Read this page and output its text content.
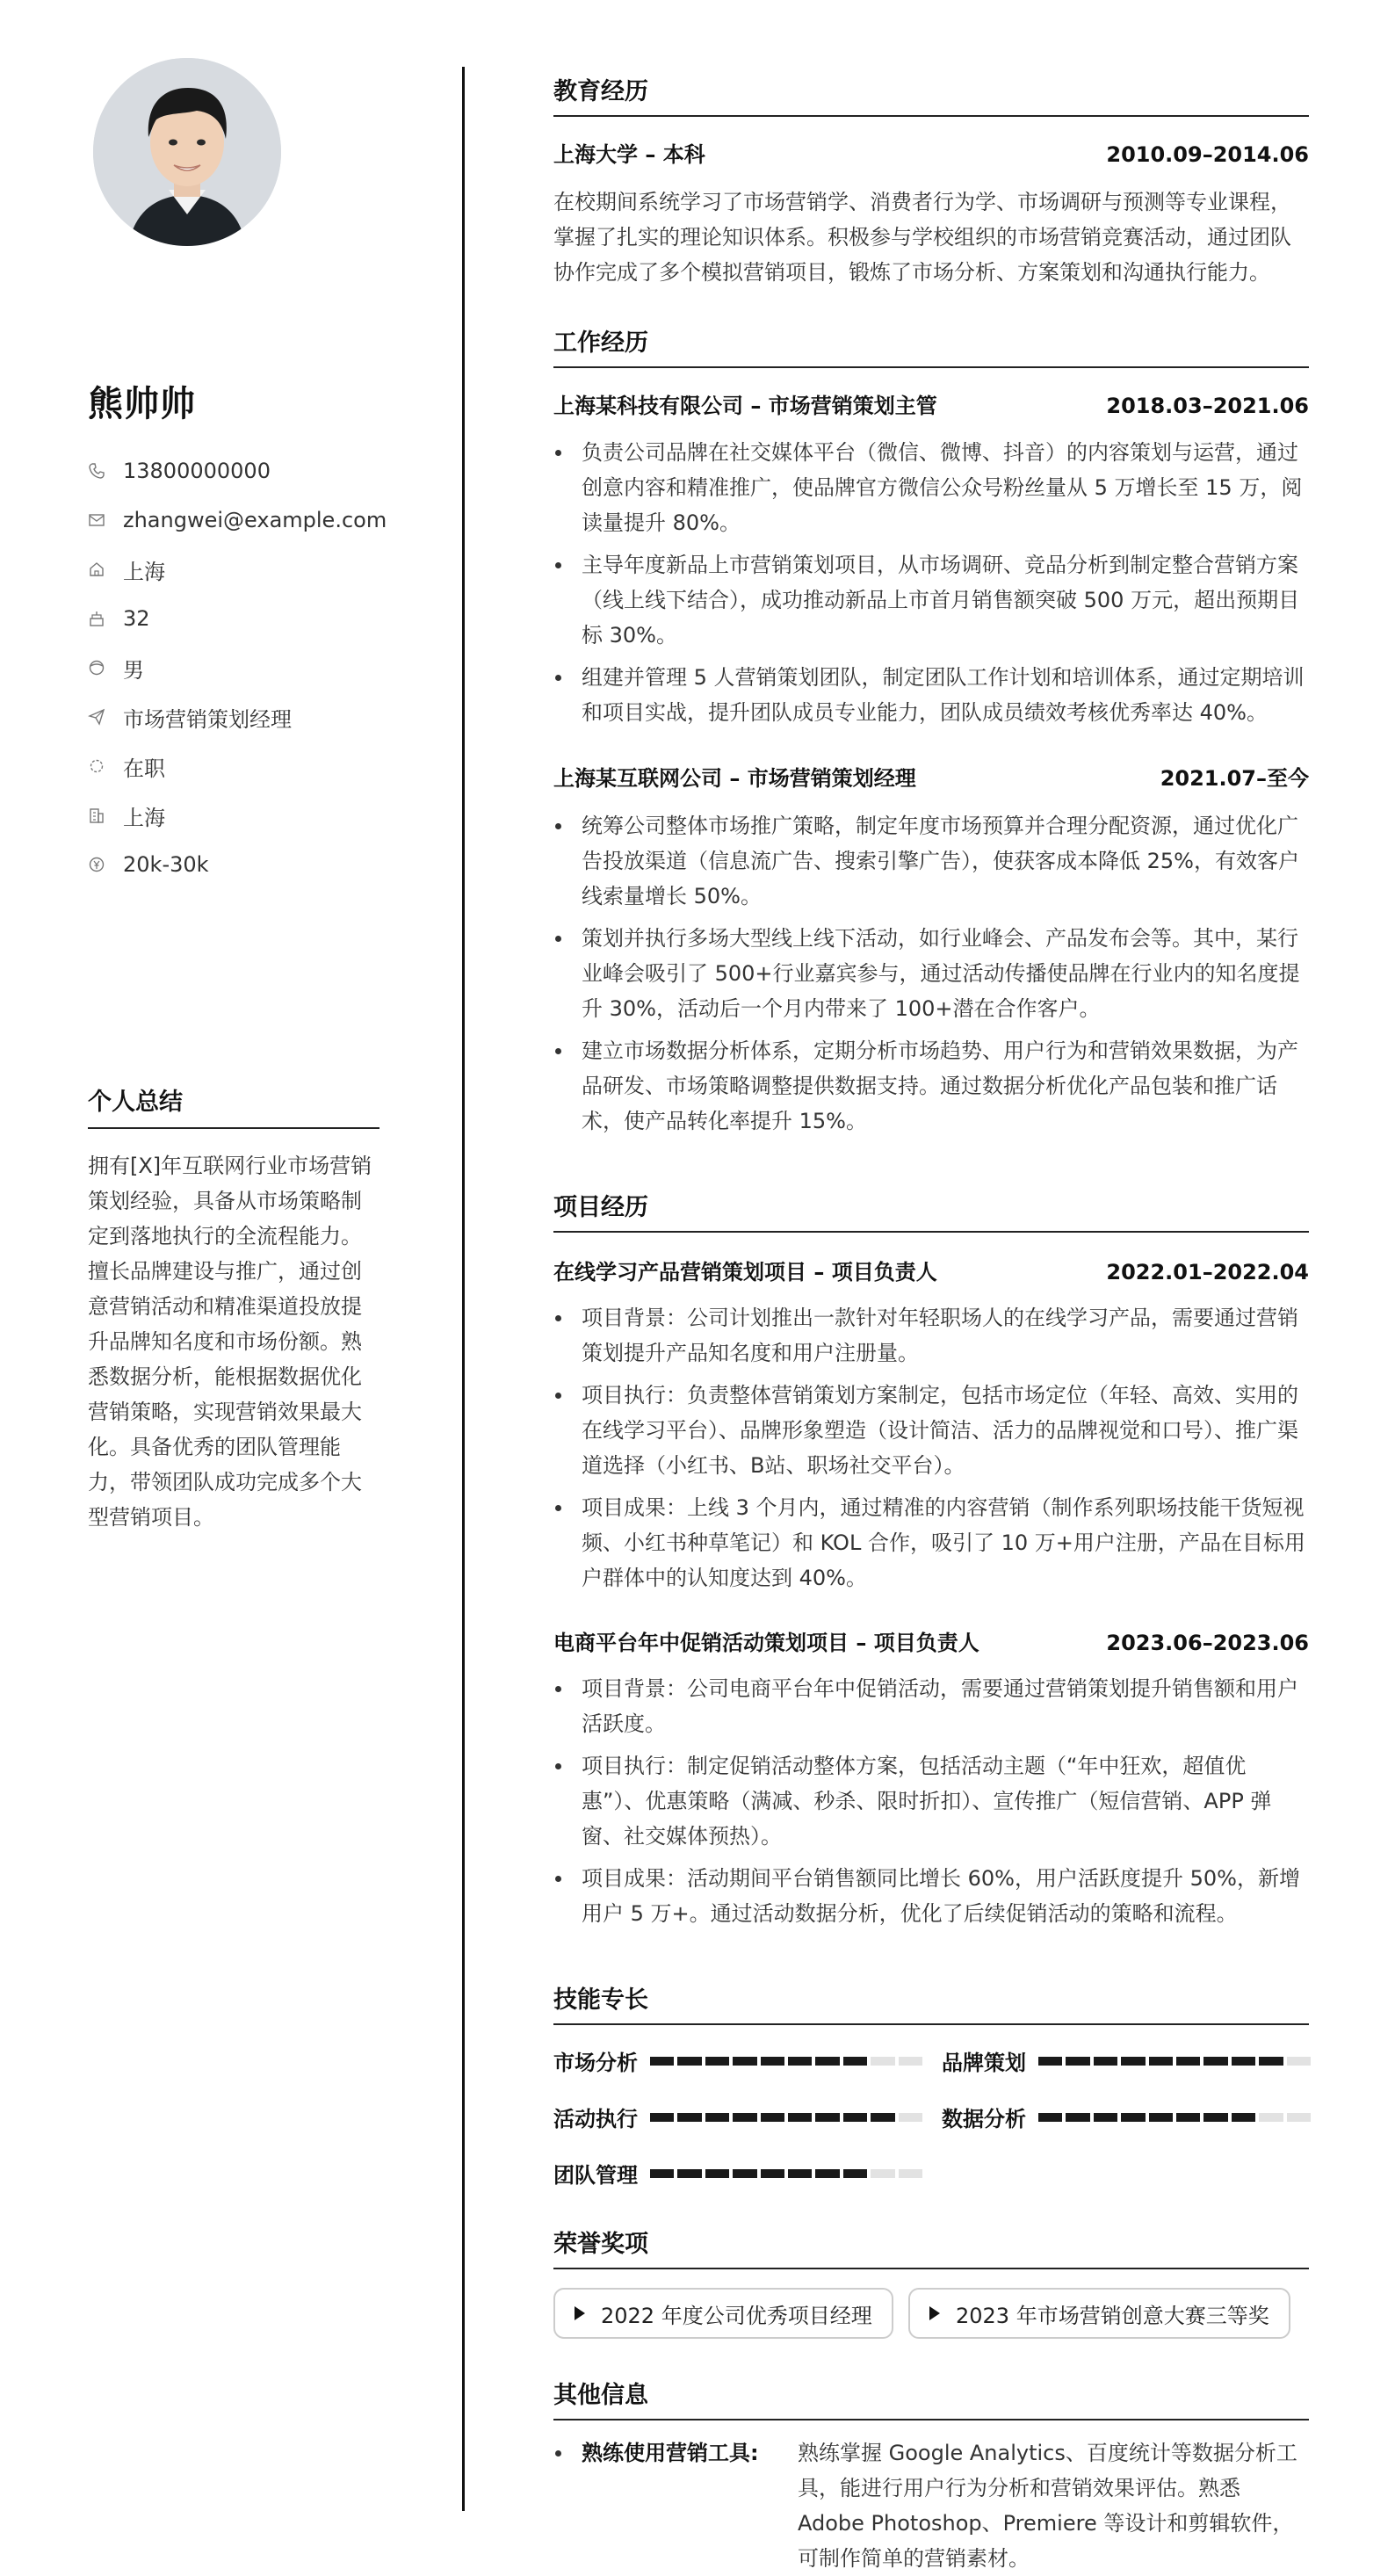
熊帅帅
13800000000
zhangwei@example.com
上海
32
男
市场营销策划经理
在职
上海
20k-30k
个人总结
拥有[X]年互联网行业市场营销策划经验，具备从市场策略制定到落地执行的全流程能力。擅长品牌建设与推广，通过创意营销活动和精准渠道投放提升品牌知名度和市场份额。熟悉数据分析，能根据数据优化营销策略，实现营销效果最大化。具备优秀的团队管理能力，带领团队成功完成多个大型营销项目。
教育经历
上海大学 – 本科	2010.09–2014.06
在校期间系统学习了市场营销学、消费者行为学、市场调研与预测等专业课程，掌握了扎实的理论知识体系。积极参与学校组织的市场营销竞赛活动，通过团队协作完成了多个模拟营销项目，锻炼了市场分析、方案策划和沟通执行能力。
工作经历
上海某科技有限公司 – 市场营销策划主管	2018.03–2021.06
负责公司品牌在社交媒体平台（微信、微博、抖音）的内容策划与运营，通过创意内容和精准推广，使品牌官方微信公众号粉丝量从 5 万增长至 15 万，阅读量提升 80%。
主导年度新品上市营销策划项目，从市场调研、竞品分析到制定整合营销方案（线上线下结合），成功推动新品上市首月销售额突破 500 万元，超出预期目标 30%。
组建并管理 5 人营销策划团队，制定团队工作计划和培训体系，通过定期培训和项目实战，提升团队成员专业能力，团队成员绩效考核优秀率达 40%。
上海某互联网公司 – 市场营销策划经理	2021.07–至今
统筹公司整体市场推广策略，制定年度市场预算并合理分配资源，通过优化广告投放渠道（信息流广告、搜索引擎广告），使获客成本降低 25%，有效客户线索量增长 50%。
策划并执行多场大型线上线下活动，如行业峰会、产品发布会等。其中，某行业峰会吸引了 500+行业嘉宾参与，通过活动传播使品牌在行业内的知名度提升 30%，活动后一个月内带来了 100+潜在合作客户。
建立市场数据分析体系，定期分析市场趋势、用户行为和营销效果数据，为产品研发、市场策略调整提供数据支持。通过数据分析优化产品包装和推广话术，使产品转化率提升 15%。
项目经历
在线学习产品营销策划项目 – 项目负责人	2022.01–2022.04
项目背景：公司计划推出一款针对年轻职场人的在线学习产品，需要通过营销策划提升产品知名度和用户注册量。
项目执行：负责整体营销策划方案制定，包括市场定位（年轻、高效、实用的在线学习平台）、品牌形象塑造（设计简洁、活力的品牌视觉和口号）、推广渠道选择（小红书、B站、职场社交平台）。
项目成果：上线 3 个月内，通过精准的内容营销（制作系列职场技能干货短视频、小红书种草笔记）和 KOL 合作，吸引了 10 万+用户注册，产品在目标用户群体中的认知度达到 40%。
电商平台年中促销活动策划项目 – 项目负责人	2023.06–2023.06
项目背景：公司电商平台年中促销活动，需要通过营销策划提升销售额和用户活跃度。
项目执行：制定促销活动整体方案，包括活动主题（“年中狂欢，超值优惠”）、优惠策略（满减、秒杀、限时折扣）、宣传推广（短信营销、APP 弹窗、社交媒体预热）。
项目成果：活动期间平台销售额同比增长 60%，用户活跃度提升 50%，新增用户 5 万+。通过活动数据分析，优化了后续促销活动的策略和流程。
技能专长
市场分析	品牌策划
活动执行	数据分析
团队管理
荣誉奖项
2022 年度公司优秀项目经理	2023 年市场营销创意大赛三等奖
其他信息
熟练使用营销工具:	熟练掌握 Google Analytics、百度统计等数据分析工具，能进行用户行为分析和营销效果评估。熟悉 Adobe Photoshop、Premiere 等设计和剪辑软件，可制作简单的营销素材。
